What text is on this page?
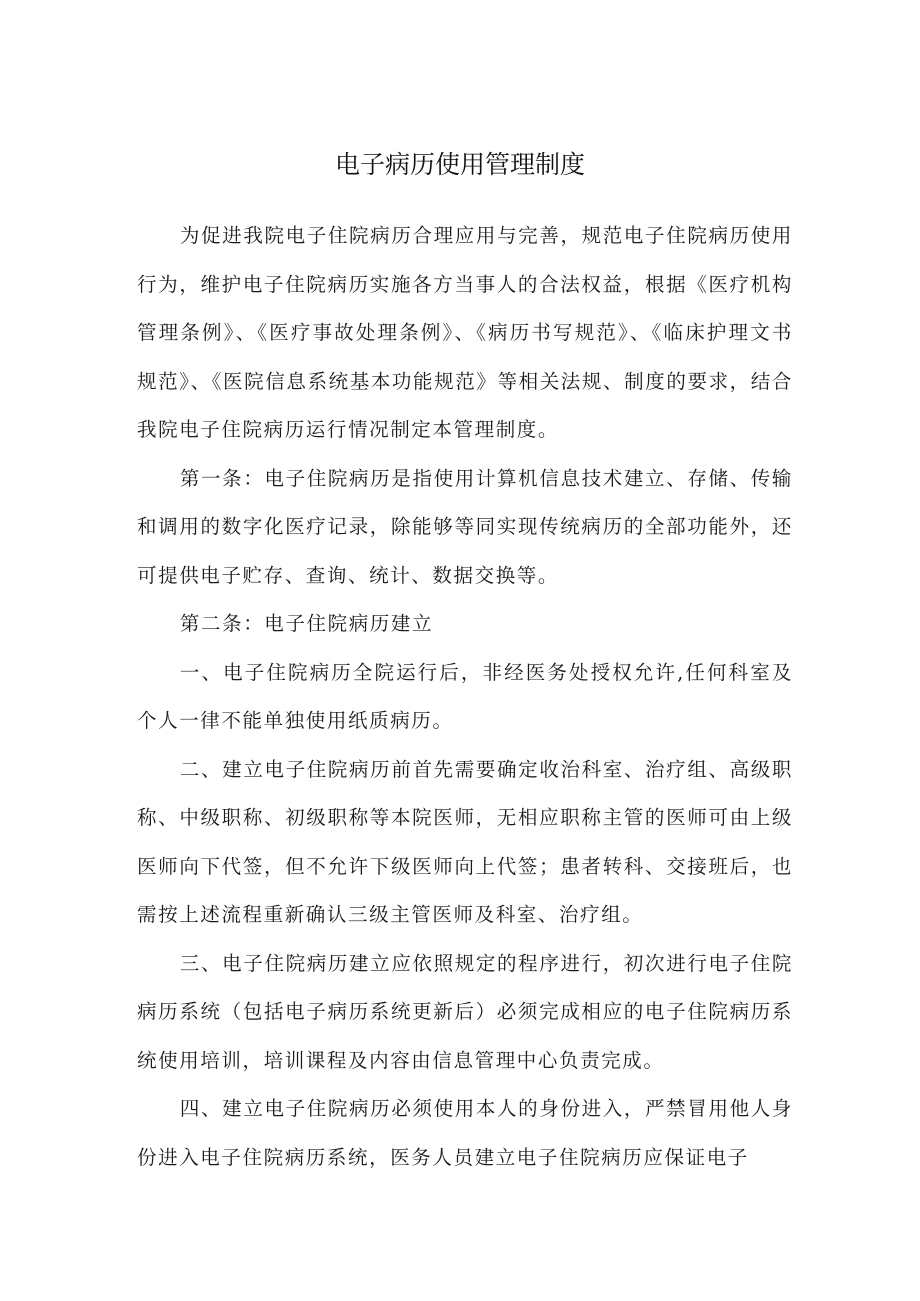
电子病历使用管理制度

为促进我院电子住院病历合理应用与完善，规范电子住院病历使用行为，维护电子住院病历实施各方当事人的合法权益，根据《医疗机构管理条例》、《医疗事故处理条例》、《病历书写规范》、《临床护理文书规范》、《医院信息系统基本功能规范》等相关法规、制度的要求，结合我院电子住院病历运行情况制定本管理制度。

第一条：电子住院病历是指使用计算机信息技术建立、存储、传输和调用的数字化医疗记录，除能够等同实现传统病历的全部功能外，还可提供电子贮存、查询、统计、数据交换等。

第二条：电子住院病历建立

一、电子住院病历全院运行后，非经医务处授权允许,任何科室及个人一律不能单独使用纸质病历。

二、建立电子住院病历前首先需要确定收治科室、治疗组、高级职称、中级职称、初级职称等本院医师，无相应职称主管的医师可由上级医师向下代签，但不允许下级医师向上代签；患者转科、交接班后，也需按上述流程重新确认三级主管医师及科室、治疗组。

三、电子住院病历建立应依照规定的程序进行，初次进行电子住院病历系统（包括电子病历系统更新后）必须完成相应的电子住院病历系统使用培训，培训课程及内容由信息管理中心负责完成。

四、建立电子住院病历必须使用本人的身份进入，严禁冒用他人身份进入电子住院病历系统，医务人员建立电子住院病历应保证电子
